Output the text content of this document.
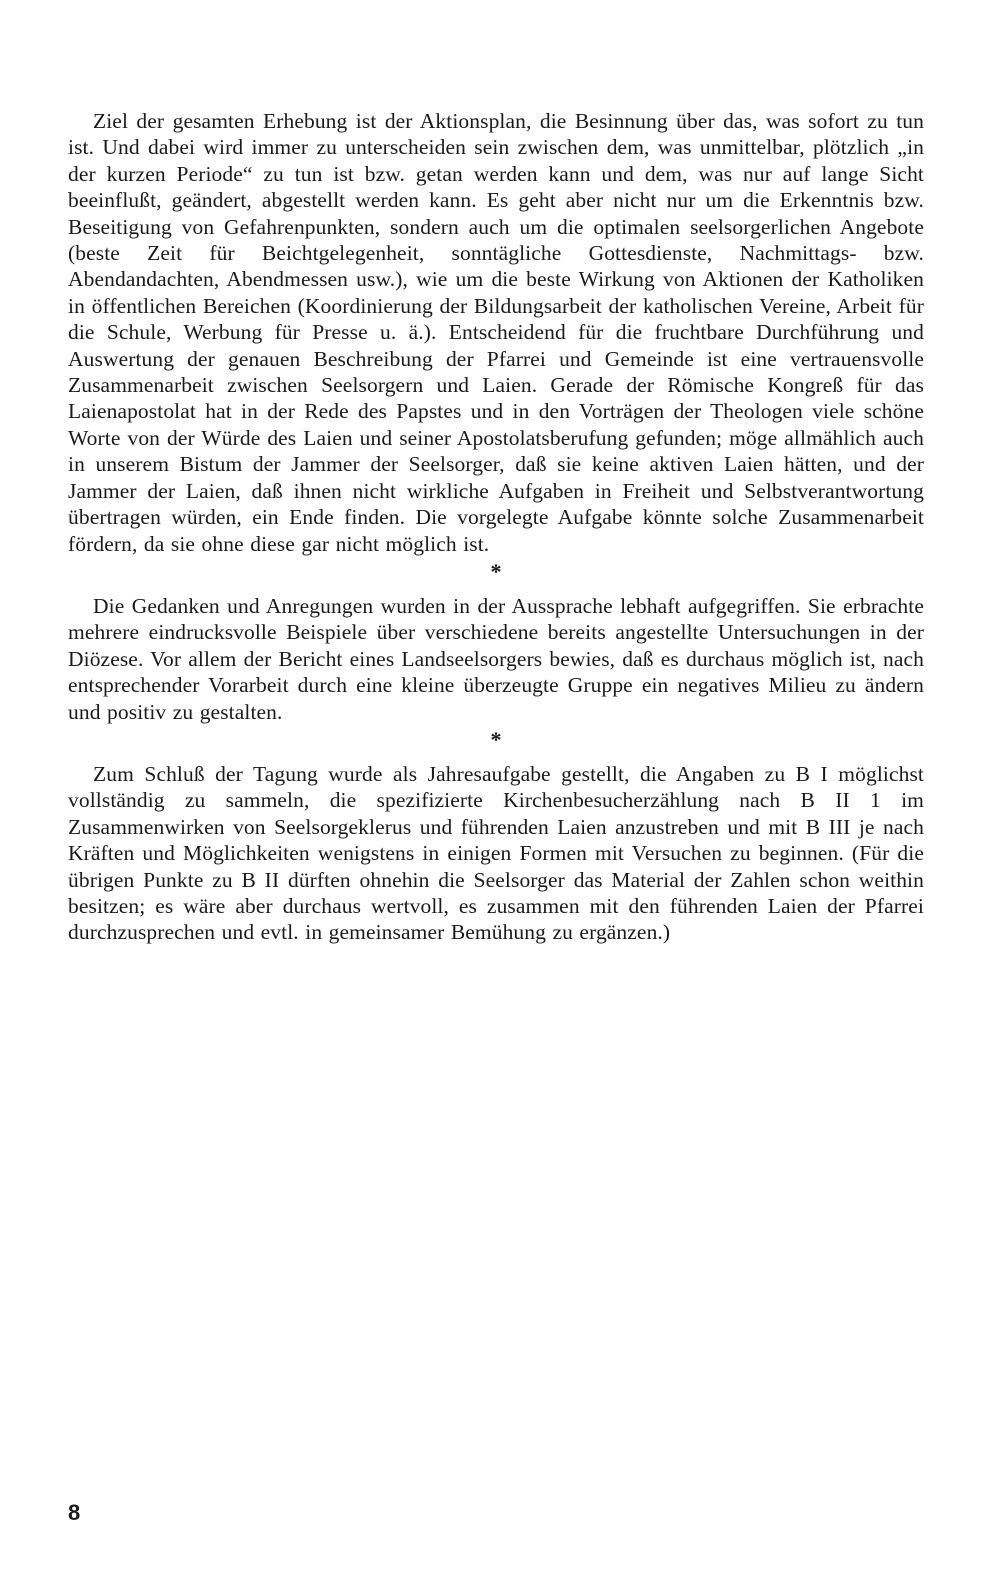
Ziel der gesamten Erhebung ist der Aktionsplan, die Besinnung über das, was sofort zu tun ist. Und dabei wird immer zu unterscheiden sein zwischen dem, was unmittelbar, plötzlich „in der kurzen Periode“ zu tun ist bzw. getan werden kann und dem, was nur auf lange Sicht beeinflußt, geändert, abgestellt werden kann. Es geht aber nicht nur um die Erkenntnis bzw. Beseitigung von Gefahrenpunkten, sondern auch um die optimalen seelsorgerlichen Angebote (beste Zeit für Beichtgelegenheit, sonntägliche Gottesdienste, Nachmittags- bzw. Abendandachten, Abendmessen usw.), wie um die beste Wirkung von Aktionen der Katholiken in öffentlichen Bereichen (Koordinierung der Bildungsarbeit der katholischen Vereine, Arbeit für die Schule, Werbung für Presse u. ä.). Entscheidend für die fruchtbare Durchführung und Auswertung der genauen Beschreibung der Pfarrei und Gemeinde ist eine vertrauensvolle Zusammenarbeit zwischen Seelsorgern und Laien. Gerade der Römische Kongreß für das Laienapostolat hat in der Rede des Papstes und in den Vorträgen der Theologen viele schöne Worte von der Würde des Laien und seiner Apostolatsberufung gefunden; möge allmählich auch in unserem Bistum der Jammer der Seelsorger, daß sie keine aktiven Laien hätten, und der Jammer der Laien, daß ihnen nicht wirkliche Aufgaben in Freiheit und Selbstverantwortung übertragen würden, ein Ende finden. Die vorgelegte Aufgabe könnte solche Zusammenarbeit fördern, da sie ohne diese gar nicht möglich ist.

*

Die Gedanken und Anregungen wurden in der Aussprache lebhaft aufgegriffen. Sie erbrachte mehrere eindrucksvolle Beispiele über verschiedene bereits angestellte Untersuchungen in der Diözese. Vor allem der Bericht eines Landseelsorgers bewies, daß es durchaus möglich ist, nach entsprechender Vorarbeit durch eine kleine überzeugte Gruppe ein negatives Milieu zu ändern und positiv zu gestalten.

*

Zum Schluß der Tagung wurde als Jahresaufgabe gestellt, die Angaben zu B I möglichst vollständig zu sammeln, die spezifizierte Kirchenbesucherzählung nach B II 1 im Zusammenwirken von Seelsorgeklerus und führenden Laien anzustreben und mit B III je nach Kräften und Möglichkeiten wenigstens in einigen Formen mit Versuchen zu beginnen. (Für die übrigen Punkte zu B II dürften ohnehin die Seelsorger das Material der Zahlen schon weithin besitzen; es wäre aber durchaus wertvoll, es zusammen mit den führenden Laien der Pfarrei durchzusprechen und evtl. in gemeinsamer Bemühung zu ergänzen.)

8
